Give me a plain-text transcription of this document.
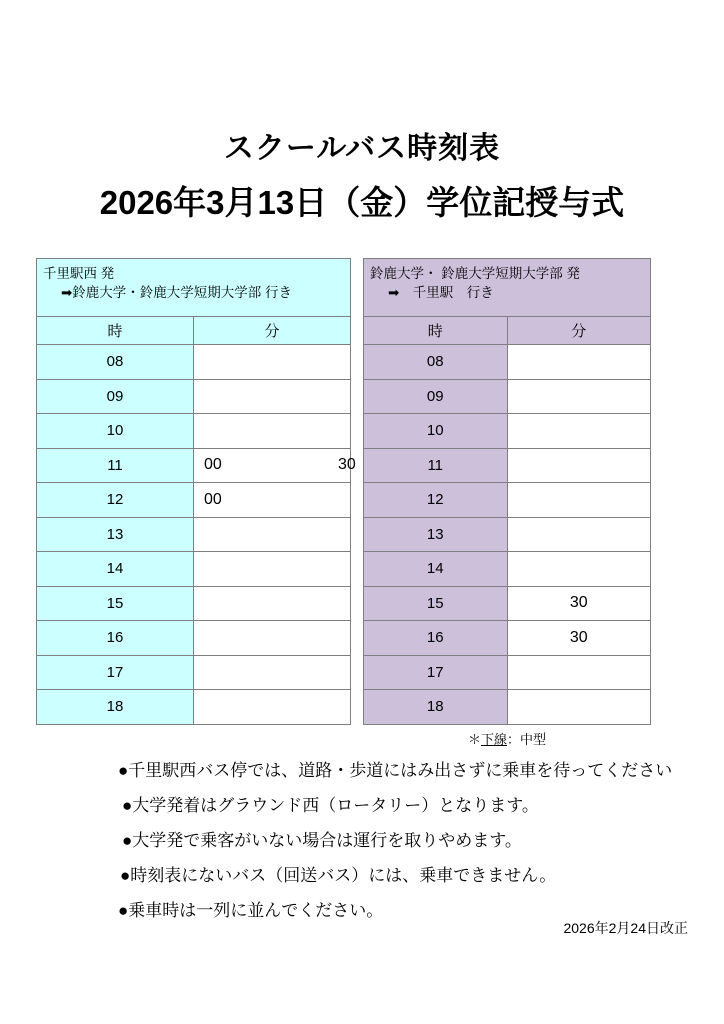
スクールバス時刻表
2026年3月13日（金）学位記授与式
千里駅西 発
➡鈴鹿大学・鈴鹿大学短期大学部 行き	

時	分
08	
09	
10	
11	00 30

12	00

13	
14	
15	
16	
17	
18	
鈴鹿大学・ 鈴鹿大学短期大学部 発
➡　千里駅　行き	

時	分
08	
09	
10	
11	
12	
13	
14	
15	30

16	30

17	
18	
＊下線：中型
●千里駅西バス停では、道路・歩道にはみ出さずに乗車を待ってください
●大学発着はグラウンド西（ロータリー）となります。
●大学発で乗客がいない場合は運行を取りやめます。
●時刻表にないバス（回送バス）には、乗車できません。
●乗車時は一列に並んでください。
2026年2月24日改正
